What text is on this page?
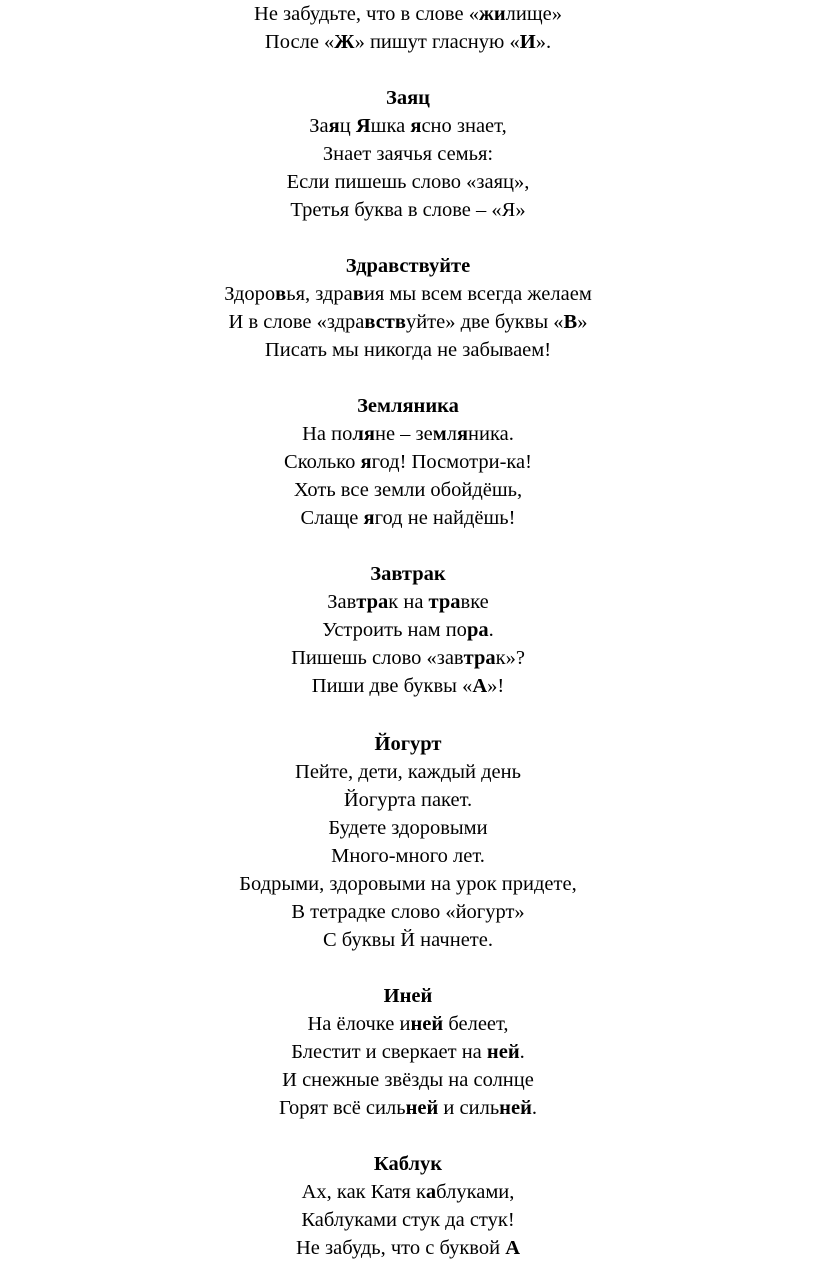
Не забудьте, что в слове «жилище»
После «Ж» пишут гласную «И».
Заяц
Заяц Яшка ясно знает,
Знает заячья семья:
Если пишешь слово «заяц»,
Третья буква в слове – «Я»
Здравствуйте
Здоровья, здравия мы всем всегда желаем
И в слове «здравствуйте» две буквы «В»
Писать мы никогда не забываем!
Земляника
На поляне – земляника.
Сколько ягод! Посмотри-ка!
Хоть все земли обойдёшь,
Слаще ягод не найдёшь!
Завтрак
Завтрак на травке
Устроить нам пора.
Пишешь слово «завтрак»?
Пиши две буквы «А»!
Йогурт
Пейте, дети, каждый день
Йогурта пакет.
Будете здоровыми
Много-много лет.
Бодрыми, здоровыми на урок придете,
В тетрадке слово «йогурт»
С буквы Й начнете.
Иней
На ёлочке иней белеет,
Блестит и сверкает на ней.
И снежные звёзды на солнце
Горят всё сильней и сильней.
Каблук
Ах, как Катя каблуками,
Каблуками стук да стук!
Не забудь, что с буквой А
